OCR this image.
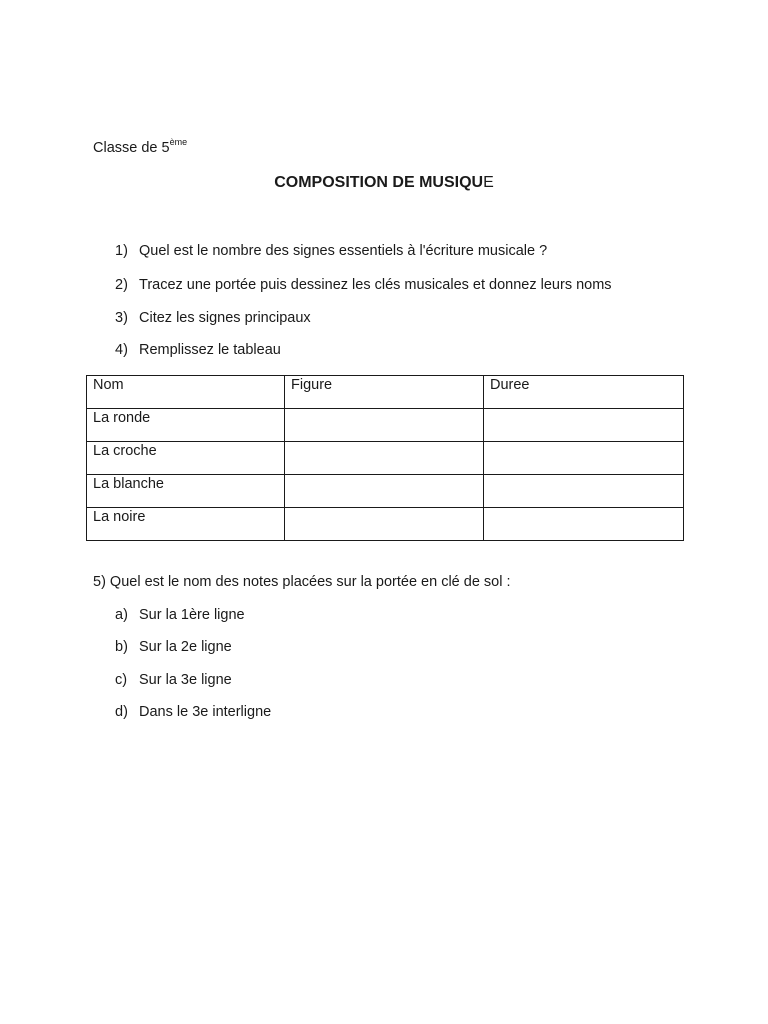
Classe de 5ème
COMPOSITION DE MUSIQUE
1) Quel est le nombre des signes essentiels à l'écriture musicale ?
2) Tracez une portée puis dessinez les clés musicales et donnez leurs noms
3) Citez les signes principaux
4) Remplissez le tableau
Nom	Figure	Duree

La ronde		

La croche		

La blanche		

La noire		

5) Quel est le nom des notes placées sur la portée en clé de sol :
a) Sur la 1ère ligne
b) Sur la 2e ligne
c) Sur la 3e ligne
d) Dans le 3e interligne
